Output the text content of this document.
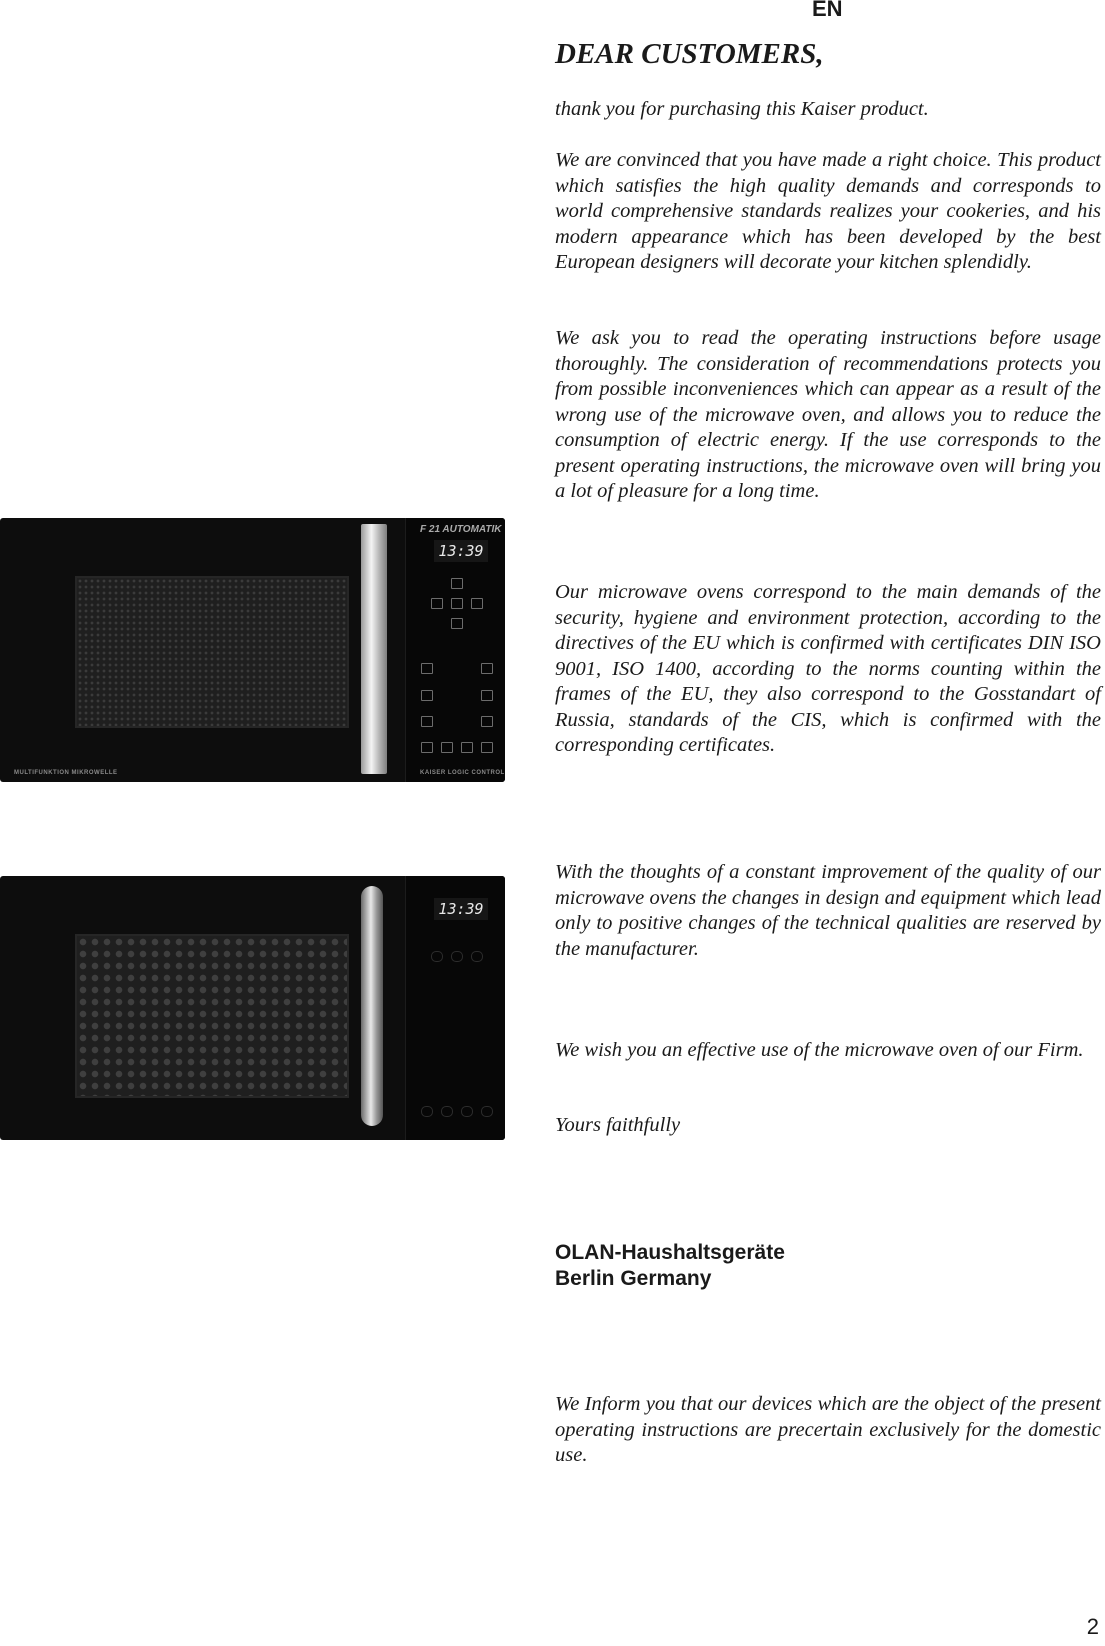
EN
DEAR CUSTOMERS,

thank you for purchasing this Kaiser product.

We are convinced that you have made a right choice. This product which satisfies the high quality demands and corresponds to world comprehensive standards realizes your cookeries, and his modern appearance which has been developed by the best European designers will decorate your kitchen splendidly.

We ask you to read the operating instructions before usage thoroughly. The consideration of recommendations protects you from possible inconveniences which can appear as a result of the wrong use of the microwave oven, and allows you to reduce the consumption of electric energy. If the use corresponds to the present operating instructions, the microwave oven will bring you a lot of pleasure for a long time.

Our microwave ovens correspond to the main demands of the security, hygiene and environment protection, according to the directives of the EU which is confirmed with certificates DIN ISO 9001, ISO 1400, according to the norms counting within the frames of the EU, they also correspond to the Gosstandart of Russia, standards of the CIS, which is confirmed with the corresponding certificates.

With the thoughts of a constant improvement of the quality of our microwave ovens the changes in design and equipment which lead only to positive changes of the technical qualities are reserved by the manufacturer.

We wish you an effective use of the microwave oven of our Firm.

Yours faithfully

OLAN-Haushaltsgeräte
Berlin Germany

We Inform you that our devices which are the object of the present operating instructions are precertain exclusively for the domestic use.

2
MULTIFUNKTION MIKROWELLE
F 21 AUTOMATIK
13:39
KAISER LOGIC CONTROL
13:39
